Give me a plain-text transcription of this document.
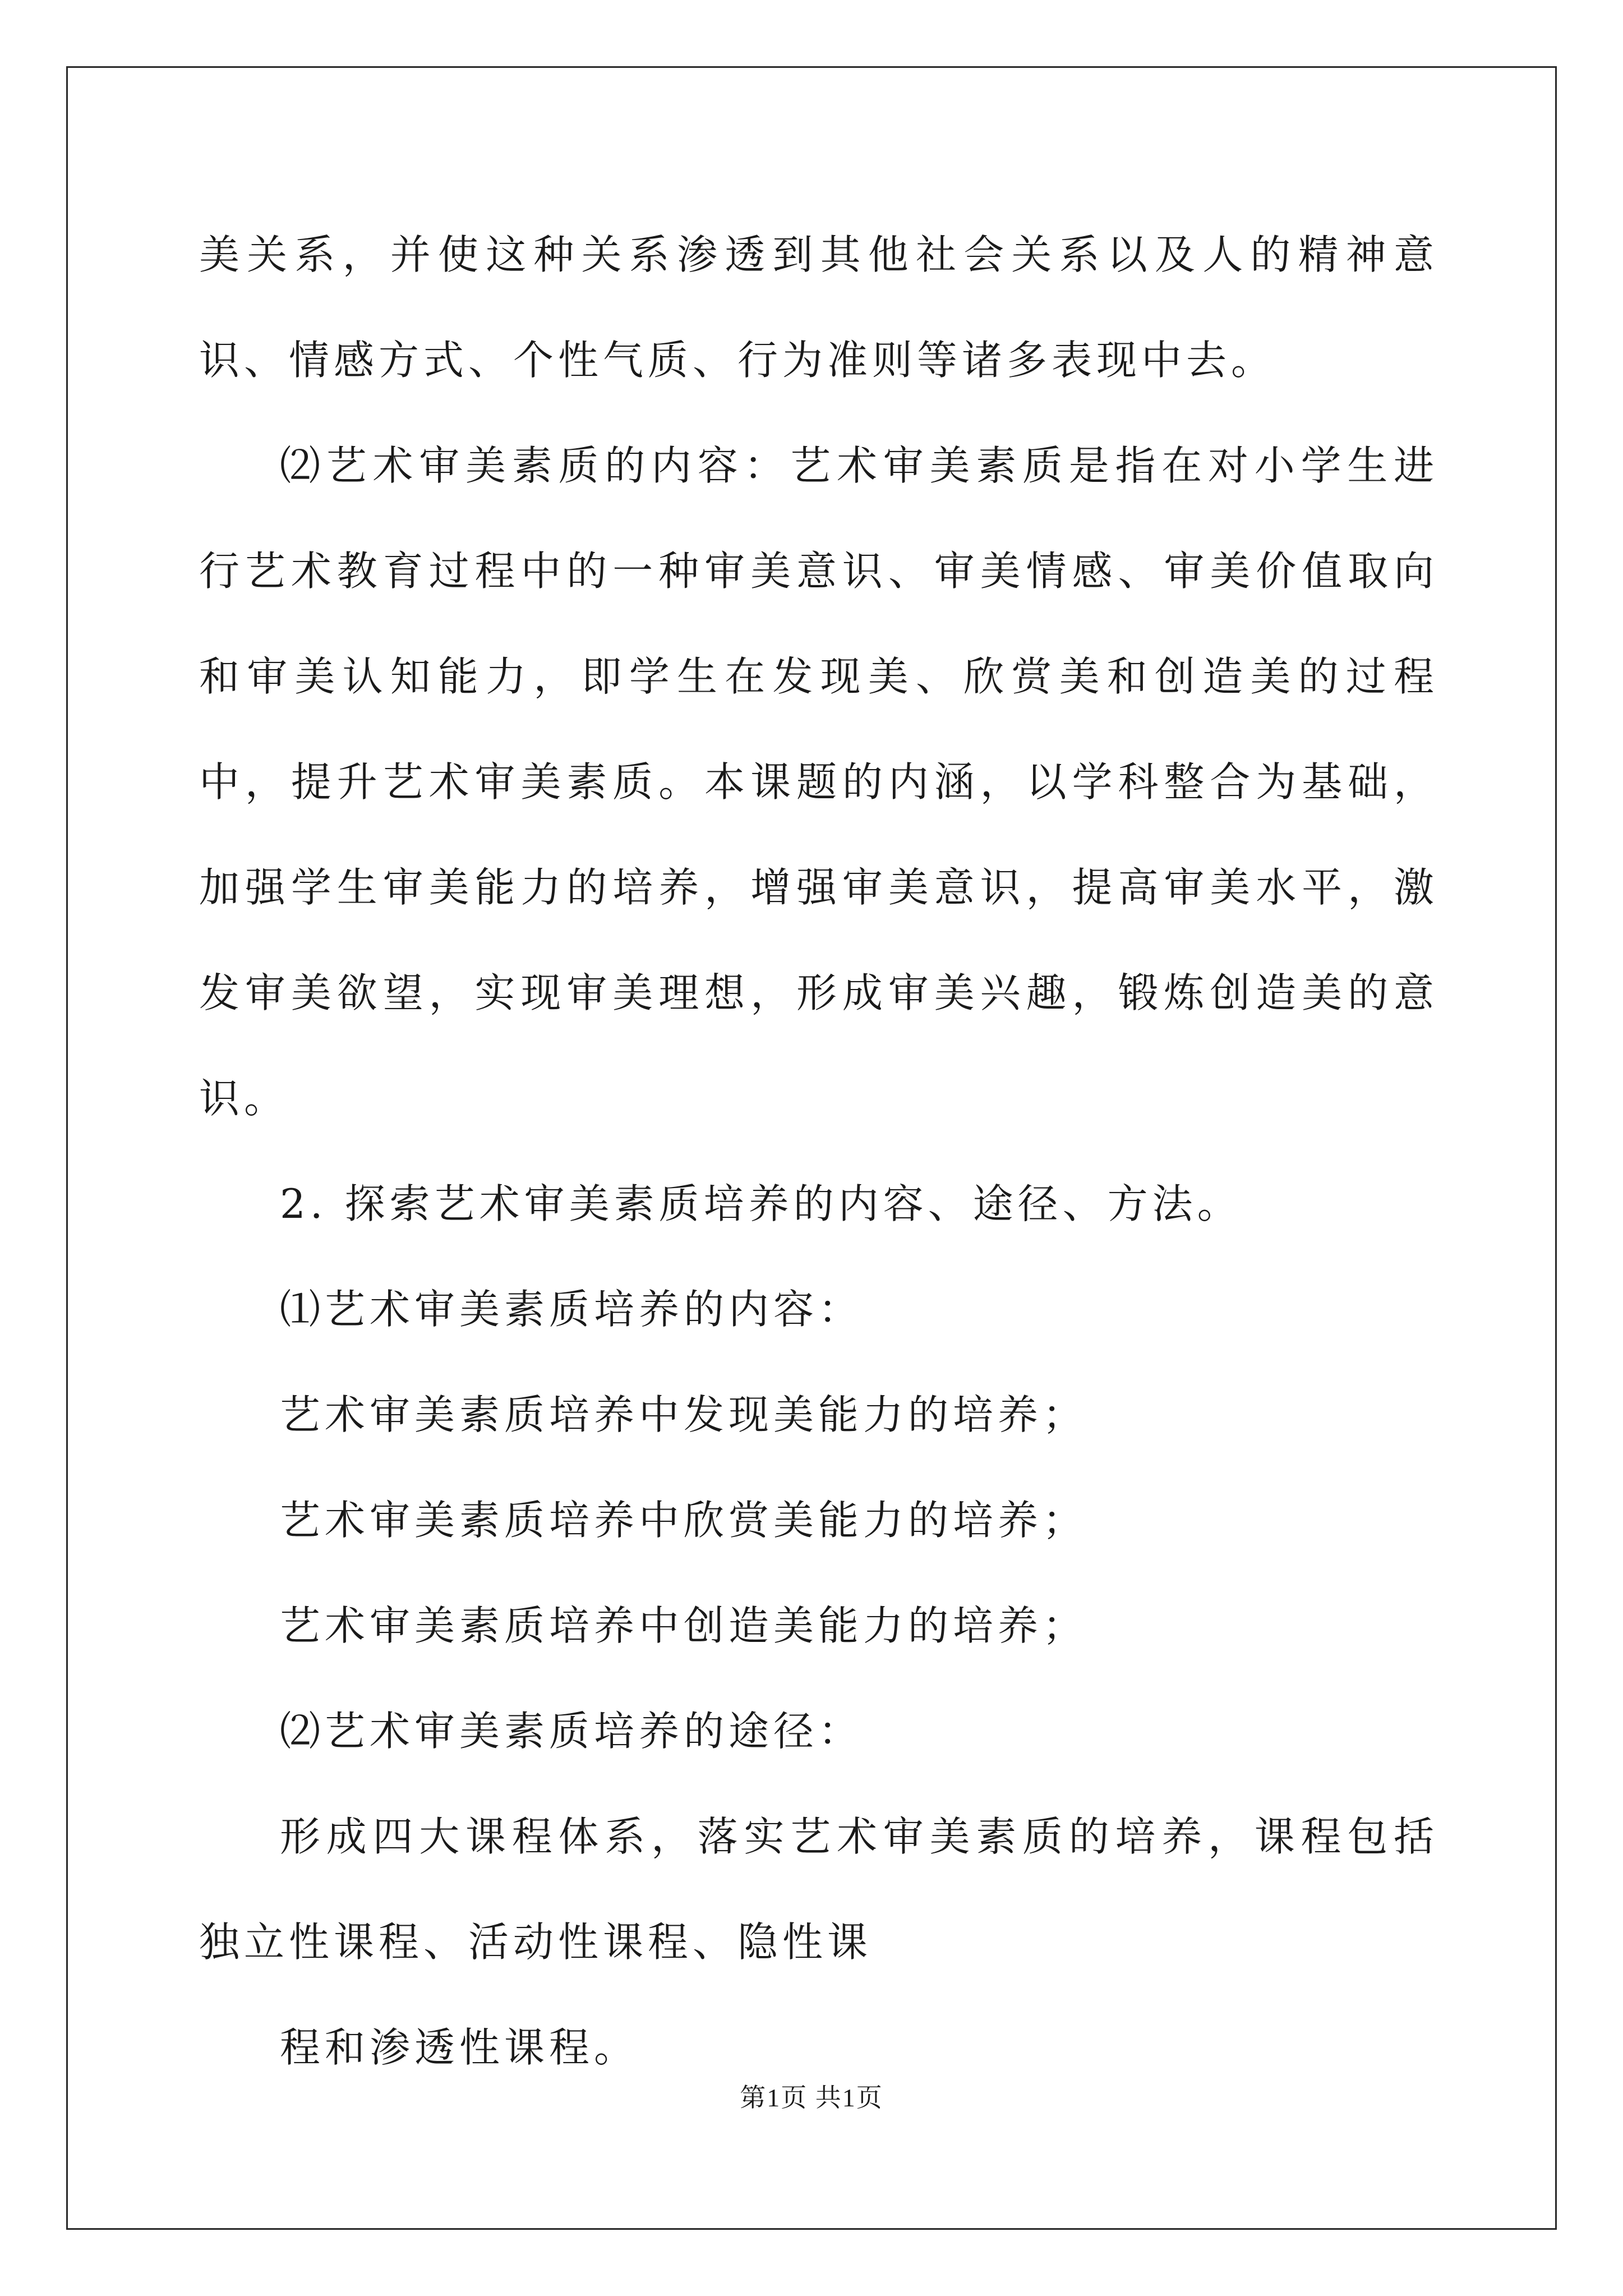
美关系，并使这种关系渗透到其他社会关系以及人的精神意识、情感方式、个性气质、行为准则等诸多表现中去。

⑵艺术审美素质的内容：艺术审美素质是指在对小学生进行艺术教育过程中的一种审美意识、审美情感、审美价值取向和审美认知能力，即学生在发现美、欣赏美和创造美的过程中，提升艺术审美素质。本课题的内涵，以学科整合为基础，加强学生审美能力的培养，增强审美意识，提高审美水平，激发审美欲望，实现审美理想，形成审美兴趣，锻炼创造美的意识。

2. 探索艺术审美素质培养的内容、途径、方法。

⑴艺术审美素质培养的内容：

艺术审美素质培养中发现美能力的培养；

艺术审美素质培养中欣赏美能力的培养；

艺术审美素质培养中创造美能力的培养；

⑵艺术审美素质培养的途径：

形成四大课程体系，落实艺术审美素质的培养，课程包括独立性课程、活动性课程、隐性课

程和渗透性课程。

第1页 共1页
